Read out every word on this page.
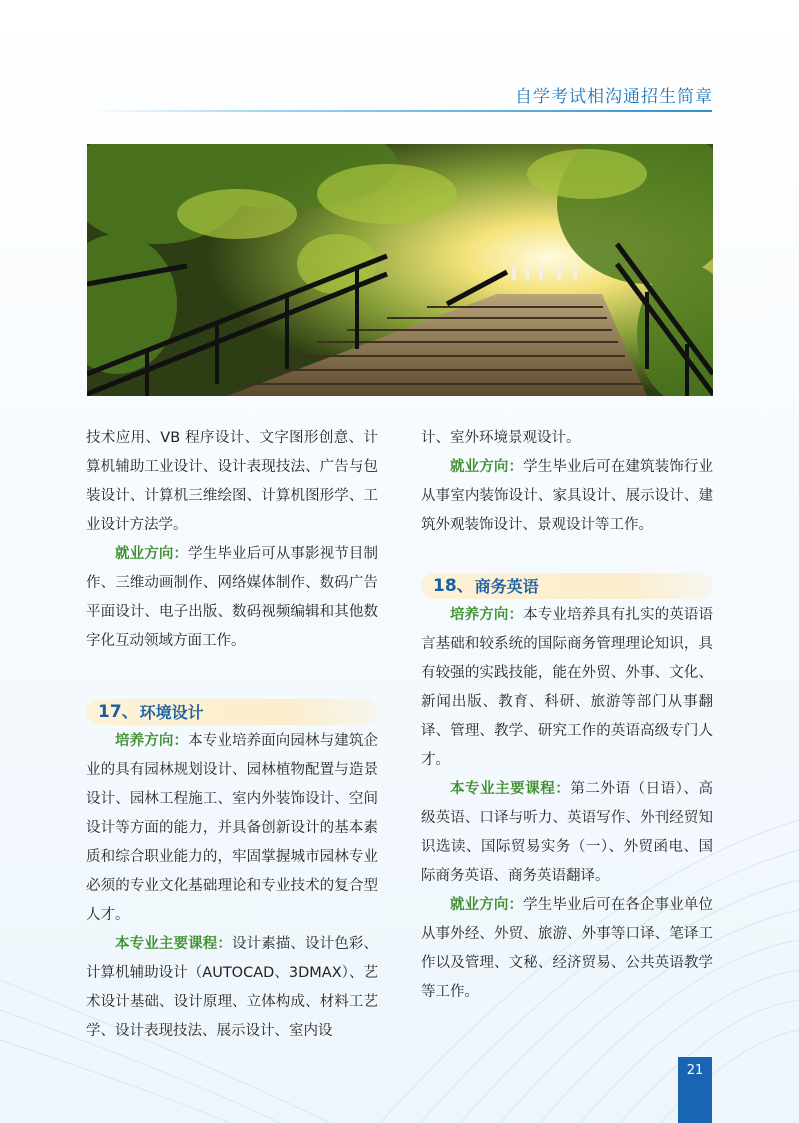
自学考试相沟通招生简章

技术应用、VB 程序设计、文字图形创意、计算机辅助工业设计、设计表现技法、广告与包装设计、计算机三维绘图、计算机图形学、工业设计方法学。

就业方向：学生毕业后可从事影视节目制作、三维动画制作、网络媒体制作、数码广告平面设计、电子出版、数码视频编辑和其他数字化互动领域方面工作。

17、 环境设计

培养方向：本专业培养面向园林与建筑企业的具有园林规划设计、园林植物配置与造景设计、园林工程施工、室内外装饰设计、空间设计等方面的能力，并具备创新设计的基本素质和综合职业能力的，牢固掌握城市园林专业必须的专业文化基础理论和专业技术的复合型人才。

本专业主要课程：设计素描、设计色彩、计算机辅助设计（AUTOCAD、3DMAX）、艺术设计基础、设计原理、立体构成、材料工艺学、设计表现技法、展示设计、室内设

计、室外环境景观设计。

就业方向：学生毕业后可在建筑装饰行业从事室内装饰设计、家具设计、展示设计、建筑外观装饰设计、景观设计等工作。

18、 商务英语

培养方向：本专业培养具有扎实的英语语言基础和较系统的国际商务管理理论知识，具有较强的实践技能，能在外贸、外事、文化、新闻出版、教育、科研、旅游等部门从事翻译、管理、教学、研究工作的英语高级专门人才。

本专业主要课程：第二外语（日语）、高级英语、口译与听力、英语写作、外刊经贸知识选读、国际贸易实务（一）、外贸函电、国际商务英语、商务英语翻译。

就业方向：学生毕业后可在各企事业单位从事外经、外贸、旅游、外事等口译、笔译工作以及管理、文秘、经济贸易、公共英语教学等工作。

21
